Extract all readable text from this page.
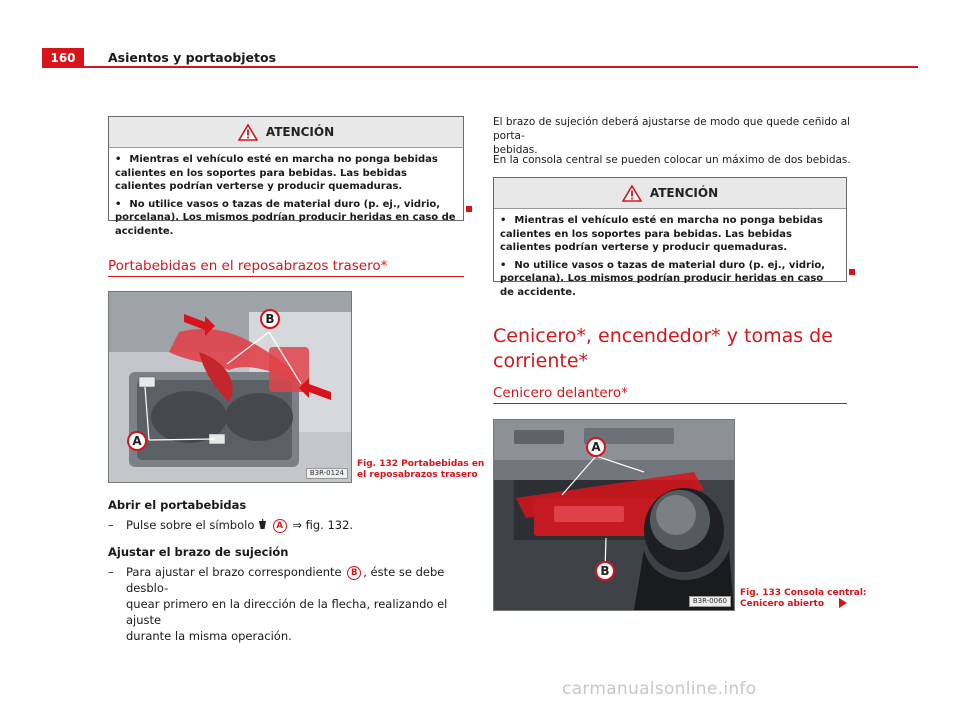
160	Asientos y portaobjetos
ATENCIÓN

• Mientras el vehículo esté en marcha no ponga bebidas calientes en los soportes para bebidas. Las bebidas calientes podrían verterse y producir quemaduras.

• No utilice vasos o tazas de material duro (p. ej., vidrio, porcelana). Los mismos podrían producir heridas en caso de accidente.

Portabebidas en el reposabrazos trasero*
A
B
B3R-0124
Fig. 132 Portabebidas en
el reposabrazos trasero
Abrir el portabebidas
– Pulse sobre el símbolo	A ⇒ fig. 132.
Ajustar el brazo de sujeción
– Para ajustar el brazo correspondiente B , éste se debe desblo-
quear primero en la dirección de la flecha, realizando el ajuste
durante la misma operación.
El brazo de sujeción deberá ajustarse de modo que quede ceñido al porta-
bebidas.
En la consola central se pueden colocar un máximo de dos bebidas.
ATENCIÓN

• Mientras el vehículo esté en marcha no ponga bebidas calientes en los soportes para bebidas. Las bebidas calientes podrían verterse y producir quemaduras.

• No utilice vasos o tazas de material duro (p. ej., vidrio, porcelana). Los mismos podrían producir heridas en caso de accidente.

Cenicero*, encendedor* y tomas de
corriente*
Cenicero delantero*
A
B
B3R-0060
Fig. 133 Consola central:
Cenicero abierto
carmanualsonline.info
